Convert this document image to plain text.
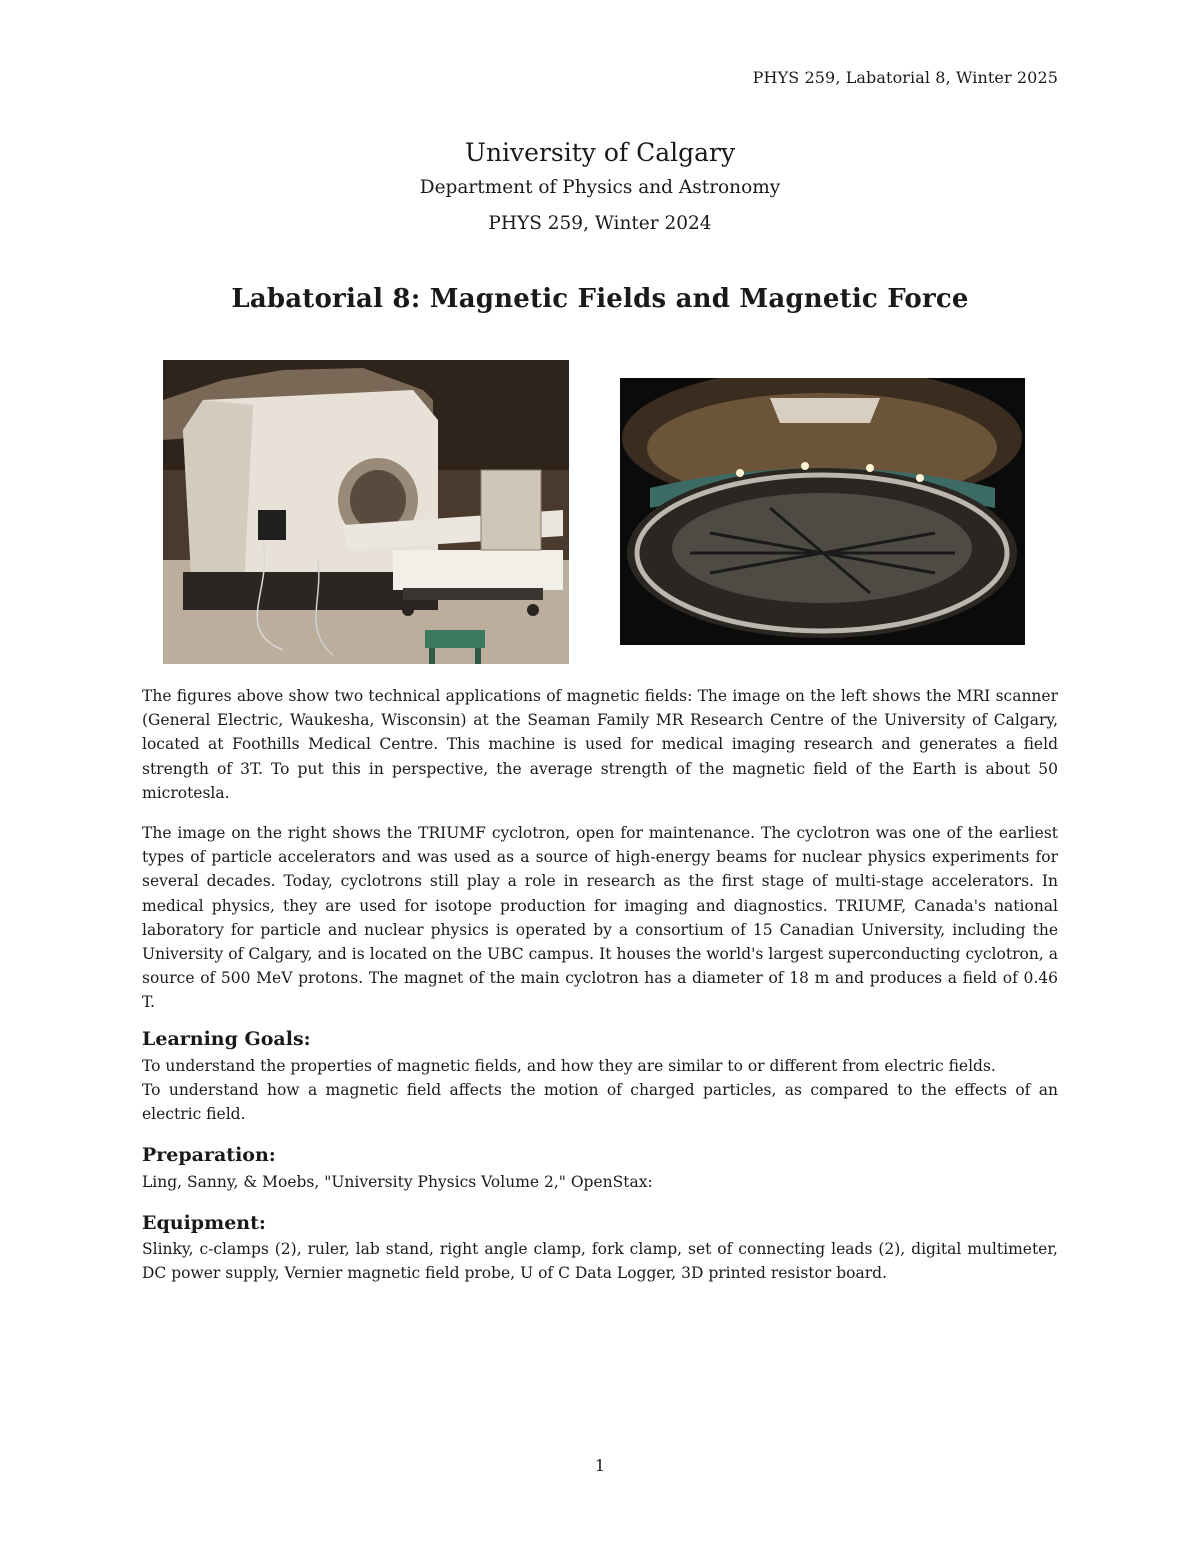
PHYS 259, Labatorial 8, Winter 2025
University of Calgary
Department of Physics and Astronomy
PHYS 259, Winter 2024
Labatorial 8: Magnetic Fields and Magnetic Force
The figures above show two technical applications of magnetic fields: The image on the left shows the MRI scanner (General Electric, Waukesha, Wisconsin) at the Seaman Family MR Research Centre of the University of Calgary, located at Foothills Medical Centre. This machine is used for medical imaging research and generates a field strength of 3T. To put this in perspective, the average strength of the magnetic field of the Earth is about 50 microtesla.
The image on the right shows the TRIUMF cyclotron, open for maintenance. The cyclotron was one of the earliest types of particle accelerators and was used as a source of high-energy beams for nuclear physics experiments for several decades. Today, cyclotrons still play a role in research as the first stage of multi-stage accelerators. In medical physics, they are used for isotope production for imaging and diagnostics. TRIUMF, Canada's national laboratory for particle and nuclear physics is operated by a consortium of 15 Canadian University, including the University of Calgary, and is located on the UBC campus. It houses the world's largest superconducting cyclotron, a source of 500 MeV protons. The magnet of the main cyclotron has a diameter of 18 m and produces a field of 0.46 T.
Learning Goals:
To understand the properties of magnetic fields, and how they are similar to or different from electric fields.
To understand how a magnetic field affects the motion of charged particles, as compared to the effects of an electric field.
Preparation:
Ling, Sanny, & Moebs, "University Physics Volume 2," OpenStax:
Equipment:
Slinky, c-clamps (2), ruler, lab stand, right angle clamp, fork clamp, set of connecting leads (2), digital multimeter, DC power supply, Vernier magnetic field probe, U of C Data Logger, 3D printed resistor board.
1
